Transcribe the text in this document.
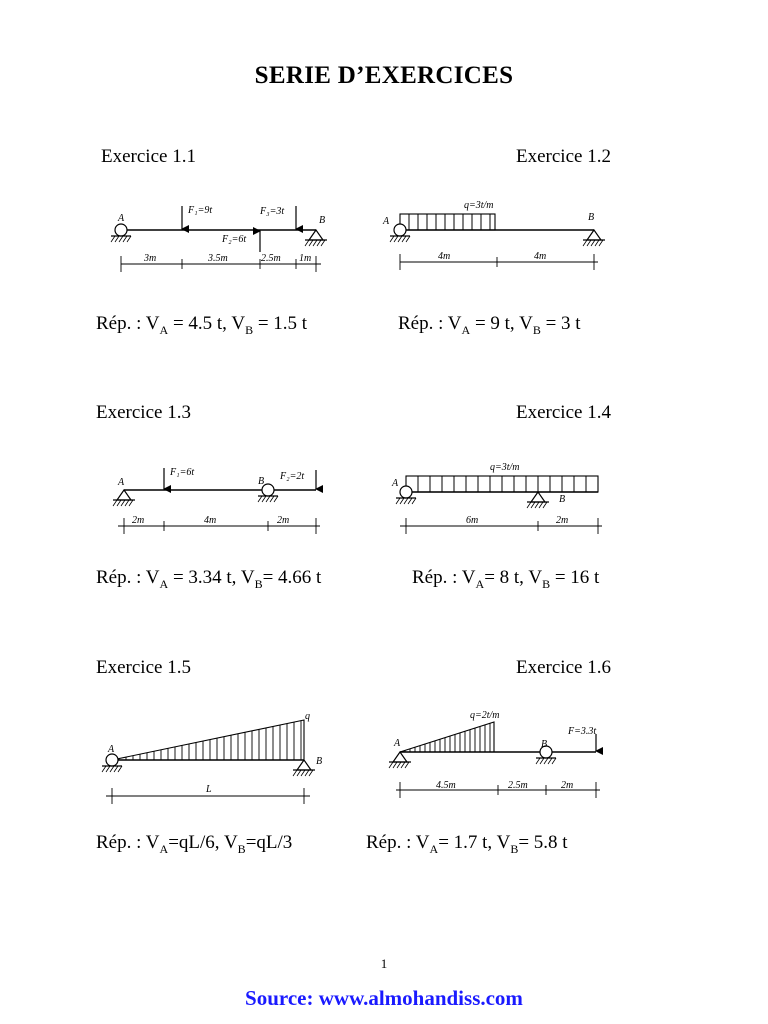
SERIE D’EXERCICES
Exercice 1.1
A	B
F₁=9t
F₂=6t
F₃=3t
3m	3.5m	2.5m 1m
Rép. : $V_A = 4.5$ t, $V_B = 1.5$ t
Exercice 1.2
A	B
q=3t/m
4m	4m
Rép. : $V_A = 9$ t, $V_B = 3$ t
Exercice 1.3
A	B
F₁=6t	F₂=2t
2m	4m	2m
Rép. : $V_A = 3.34$ t, $V_B= 4.66$ t
Exercice 1.4
A
B
q=3t/m
6m	2m
Rép. : $V_A= 8$ t, $V_B = 16$ t
Exercice 1.5
A
B
q
L
Rép. : $V_A=qL/6$, $V_B=qL/3$
Exercice 1.6
A	B
q=2t/m
F=3.3t
4.5m	2.5m	2m
Rép. : $V_A= 1.7$ t, $V_B= 5.8$ t
1
Source: www.almohandiss.com
